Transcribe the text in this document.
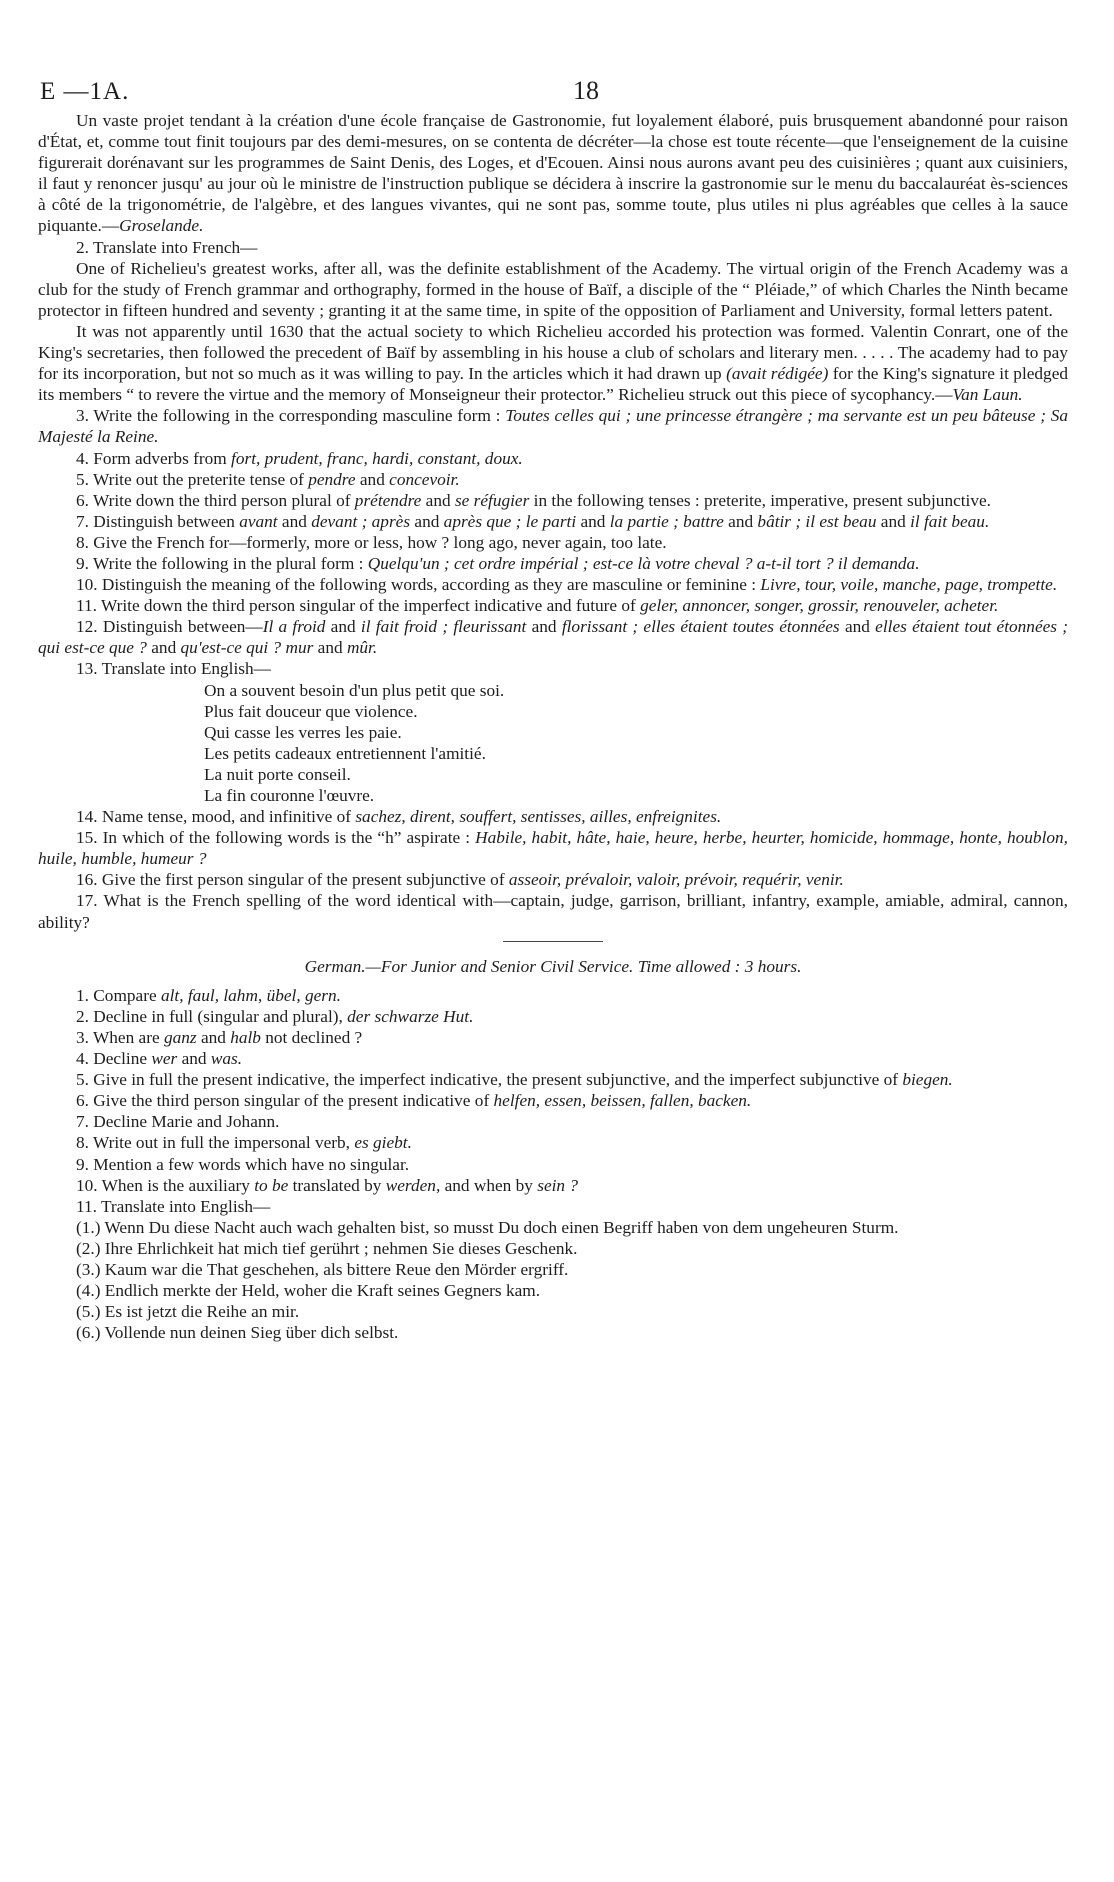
E —1A.	18

Un vaste projet tendant à la création d'une école française de Gastronomie, fut loyalement élaboré, puis brusquement abandonné pour raison d'État, et, comme tout finit toujours par des demi-mesures, on se contenta de décréter—la chose est toute récente—que l'enseignement de la cuisine figurerait dorénavant sur les programmes de Saint Denis, des Loges, et d'Ecouen. Ainsi nous aurons avant peu des cuisinières ; quant aux cuisiniers, il faut y renoncer jusqu' au jour où le ministre de l'instruction publique se décidera à inscrire la gastronomie sur le menu du baccalauréat ès-sciences à côté de la trigonométrie, de l'algèbre, et des langues vivantes, qui ne sont pas, somme toute, plus utiles ni plus agréables que celles à la sauce piquante.—Groselande.

2. Translate into French—

One of Richelieu's greatest works, after all, was the definite establishment of the Academy. The virtual origin of the French Academy was a club for the study of French grammar and orthography, formed in the house of Baïf, a disciple of the “ Pléiade,” of which Charles the Ninth became protector in fifteen hundred and seventy ; granting it at the same time, in spite of the opposition of Parliament and University, formal letters patent.

It was not apparently until 1630 that the actual society to which Richelieu accorded his protection was formed. Valentin Conrart, one of the King's secretaries, then followed the precedent of Baïf by assembling in his house a club of scholars and literary men. . . . . The academy had to pay for its incorporation, but not so much as it was willing to pay. In the articles which it had drawn up (avait rédigée) for the King's signature it pledged its members “ to revere the virtue and the memory of Monseigneur their protector.” Richelieu struck out this piece of sycophancy.—Van Laun.

3. Write the following in the corresponding masculine form : Toutes celles qui ; une princesse étrangère ; ma servante est un peu bâteuse ; Sa Majesté la Reine.

4. Form adverbs from fort, prudent, franc, hardi, constant, doux.

5. Write out the preterite tense of pendre and concevoir.

6. Write down the third person plural of prétendre and se réfugier in the following tenses : preterite, imperative, present subjunctive.

7. Distinguish between avant and devant ; après and après que ; le parti and la partie ; battre and bâtir ; il est beau and il fait beau.

8. Give the French for—formerly, more or less, how ? long ago, never again, too late.

9. Write the following in the plural form : Quelqu'un ; cet ordre impérial ; est-ce là votre cheval ? a-t-il tort ? il demanda.

10. Distinguish the meaning of the following words, according as they are masculine or feminine : Livre, tour, voile, manche, page, trompette.

11. Write down the third person singular of the imperfect indicative and future of geler, annoncer, songer, grossir, renouveler, acheter.

12. Distinguish between—Il a froid and il fait froid ; fleurissant and florissant ; elles étaient toutes étonnées and elles étaient tout étonnées ; qui est-ce que ? and qu'est-ce qui ? mur and mûr.

13. Translate into English—

On a souvent besoin d'un plus petit que soi.

Plus fait douceur que violence.

Qui casse les verres les paie.

Les petits cadeaux entretiennent l'amitié.

La nuit porte conseil.

La fin couronne l'œuvre.

14. Name tense, mood, and infinitive of sachez, dirent, souffert, sentisses, ailles, enfreignites.

15. In which of the following words is the “h” aspirate : Habile, habit, hâte, haie, heure, herbe, heurter, homicide, hommage, honte, houblon, huile, humble, humeur ?

16. Give the first person singular of the present subjunctive of asseoir, prévaloir, valoir, prévoir, requérir, venir.

17. What is the French spelling of the word identical with—captain, judge, garrison, brilliant, infantry, example, amiable, admiral, cannon, ability?

German.—For Junior and Senior Civil Service. Time allowed : 3 hours.

1. Compare alt, faul, lahm, übel, gern.

2. Decline in full (singular and plural), der schwarze Hut.

3. When are ganz and halb not declined ?

4. Decline wer and was.

5. Give in full the present indicative, the imperfect indicative, the present subjunctive, and the imperfect subjunctive of biegen.

6. Give the third person singular of the present indicative of helfen, essen, beissen, fallen, backen.

7. Decline Marie and Johann.

8. Write out in full the impersonal verb, es giebt.

9. Mention a few words which have no singular.

10. When is the auxiliary to be translated by werden, and when by sein ?

11. Translate into English—

(1.) Wenn Du diese Nacht auch wach gehalten bist, so musst Du doch einen Begriff haben von dem ungeheuren Sturm.

(2.) Ihre Ehrlichkeit hat mich tief gerührt ; nehmen Sie dieses Geschenk.

(3.) Kaum war die That geschehen, als bittere Reue den Mörder ergriff.

(4.) Endlich merkte der Held, woher die Kraft seines Gegners kam.

(5.) Es ist jetzt die Reihe an mir.

(6.) Vollende nun deinen Sieg über dich selbst.
